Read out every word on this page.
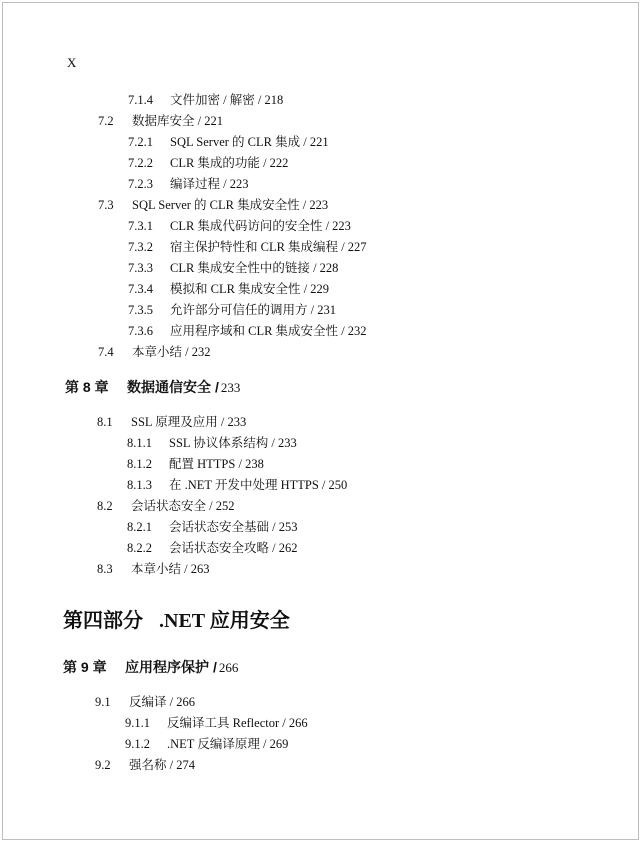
X
7.1.4 文件加密 / 解密 / 218
7.2 数据库安全 / 221
7.2.1 SQL Server 的 CLR 集成 / 221
7.2.2 CLR 集成的功能 / 222
7.2.3 编译过程 / 223
7.3 SQL Server 的 CLR 集成安全性 / 223
7.3.1 CLR 集成代码访问的安全性 / 223
7.3.2 宿主保护特性和 CLR 集成编程 / 227
7.3.3 CLR 集成安全性中的链接 / 228
7.3.4 模拟和 CLR 集成安全性 / 229
7.3.5 允许部分可信任的调用方 / 231
7.3.6 应用程序域和 CLR 集成安全性 / 232
7.4 本章小结 / 232
第 8 章 数据通信安全 / 233
8.1 SSL 原理及应用 / 233
8.1.1 SSL 协议体系结构 / 233
8.1.2 配置 HTTPS / 238
8.1.3 在 .NET 开发中处理 HTTPS / 250
8.2 会话状态安全 / 252
8.2.1 会话状态安全基础 / 253
8.2.2 会话状态安全攻略 / 262
8.3 本章小结 / 263
第四部分 .NET 应用安全
第 9 章 应用程序保护 / 266
9.1 反编译 / 266
9.1.1 反编译工具 Reflector / 266
9.1.2 .NET 反编译原理 / 269
9.2 强名称 / 274
